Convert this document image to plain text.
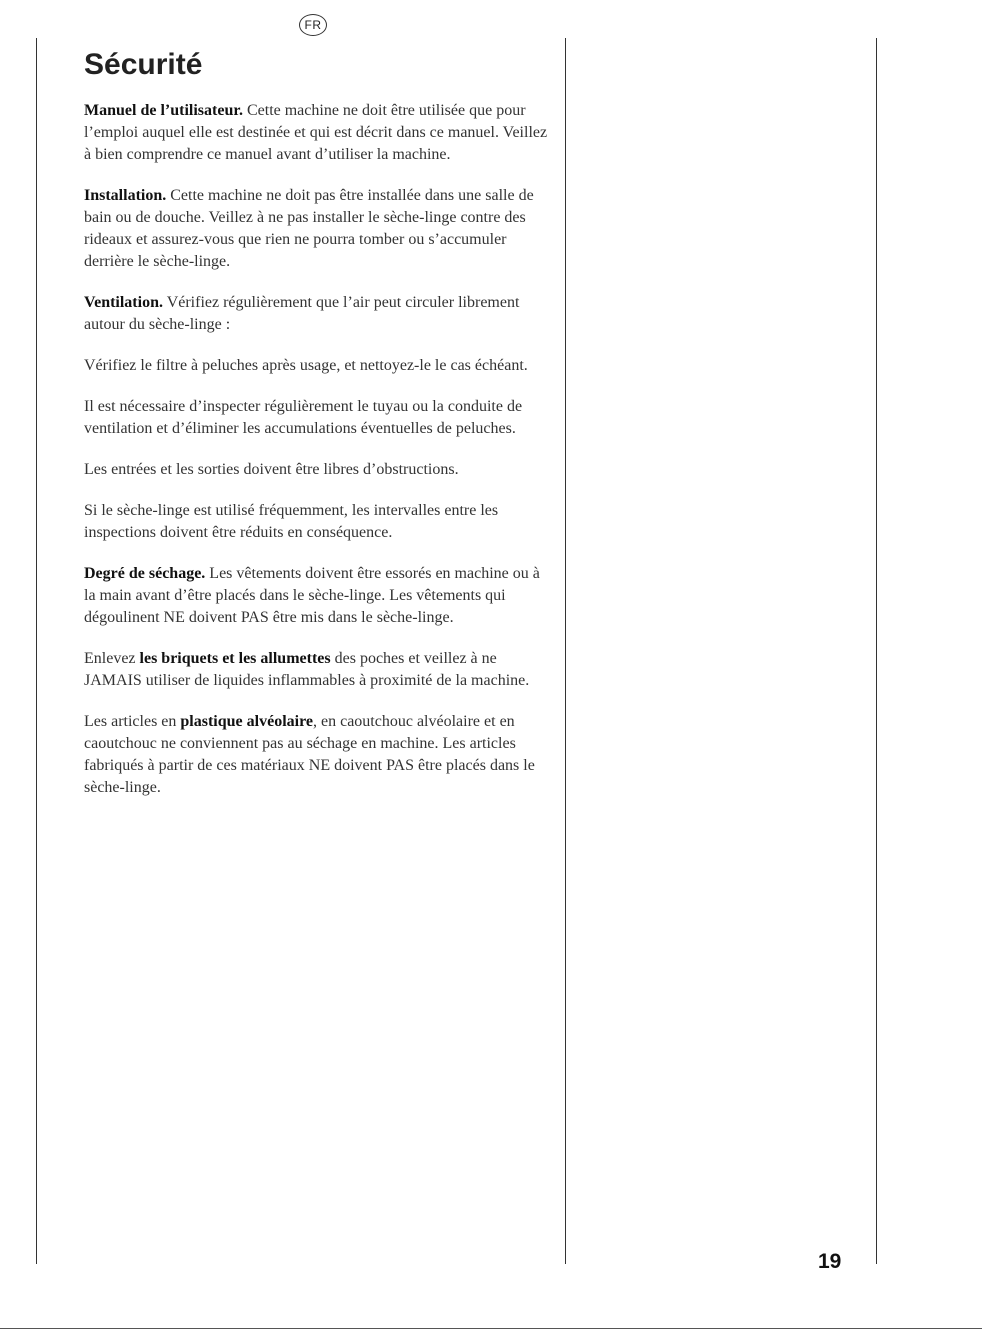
FR
Sécurité

Manuel de l’utilisateur. Cette machine ne doit être utilisée que pour l’emploi auquel elle est destinée et qui est décrit dans ce manuel. Veillez à bien comprendre ce manuel avant d’utiliser la machine.

Installation. Cette machine ne doit pas être installée dans une salle de bain ou de douche. Veillez à ne pas installer le sèche-linge contre des rideaux et assurez-vous que rien ne pourra tomber ou s’accumuler derrière le sèche-linge.

Ventilation. Vérifiez régulièrement que l’air peut circuler librement autour du sèche-linge :

Vérifiez le filtre à peluches après usage, et nettoyez-le le cas échéant.

Il est nécessaire d’inspecter régulièrement le tuyau ou la conduite de ventilation et d’éliminer les accumulations éventuelles de peluches.

Les entrées et les sorties doivent être libres d’obstructions.

Si le sèche-linge est utilisé fréquemment, les intervalles entre les inspections doivent être réduits en conséquence.

Degré de séchage. Les vêtements doivent être essorés en machine ou à la main avant d’être placés dans le sèche-linge. Les vêtements qui dégoulinent NE doivent PAS être mis dans le sèche-linge.

Enlevez les briquets et les allumettes des poches et veillez à ne JAMAIS utiliser de liquides inflammables à proximité de la machine.

Les articles en plastique alvéolaire, en caoutchouc alvéolaire et en caoutchouc ne conviennent pas au séchage en machine. Les articles fabriqués à partir de ces matériaux NE doivent PAS être placés dans le sèche-linge.

19
